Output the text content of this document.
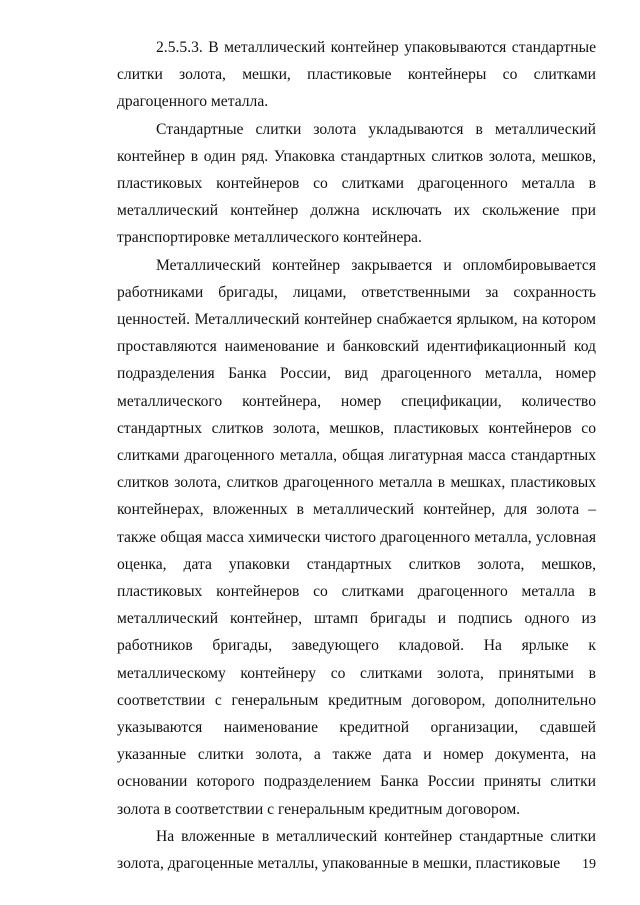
2.5.5.3. В металлический контейнер упаковываются стандартные слитки золота, мешки, пластиковые контейнеры со слитками драгоценного металла.

Стандартные слитки золота укладываются в металлический контейнер в один ряд. Упаковка стандартных слитков золота, мешков, пластиковых контейнеров со слитками драгоценного металла в металлический контейнер должна исключать их скольжение при транспортировке металлического контейнера.

Металлический контейнер закрывается и опломбировывается работниками бригады, лицами, ответственными за сохранность ценностей. Металлический контейнер снабжается ярлыком, на котором проставляются наименование и банковский идентификационный код подразделения Банка России, вид драгоценного металла, номер металлического контейнера, номер спецификации, количество стандартных слитков золота, мешков, пластиковых контейнеров со слитками драгоценного металла, общая лигатурная масса стандартных слитков золота, слитков драгоценного металла в мешках, пластиковых контейнерах, вложенных в металлический контейнер, для золота – также общая масса химически чистого драгоценного металла, условная оценка, дата упаковки стандартных слитков золота, мешков, пластиковых контейнеров со слитками драгоценного металла в металлический контейнер, штамп бригады и подпись одного из работников бригады, заведующего кладовой. На ярлыке к металлическому контейнеру со слитками золота, принятыми в соответствии с генеральным кредитным договором, дополнительно указываются наименование кредитной организации, сдавшей указанные слитки золота, а также дата и номер документа, на основании которого подразделением Банка России приняты слитки золота в соответствии с генеральным кредитным договором.

На вложенные в металлический контейнер стандартные слитки золота, драгоценные металлы, упакованные в мешки, пластиковые	19
